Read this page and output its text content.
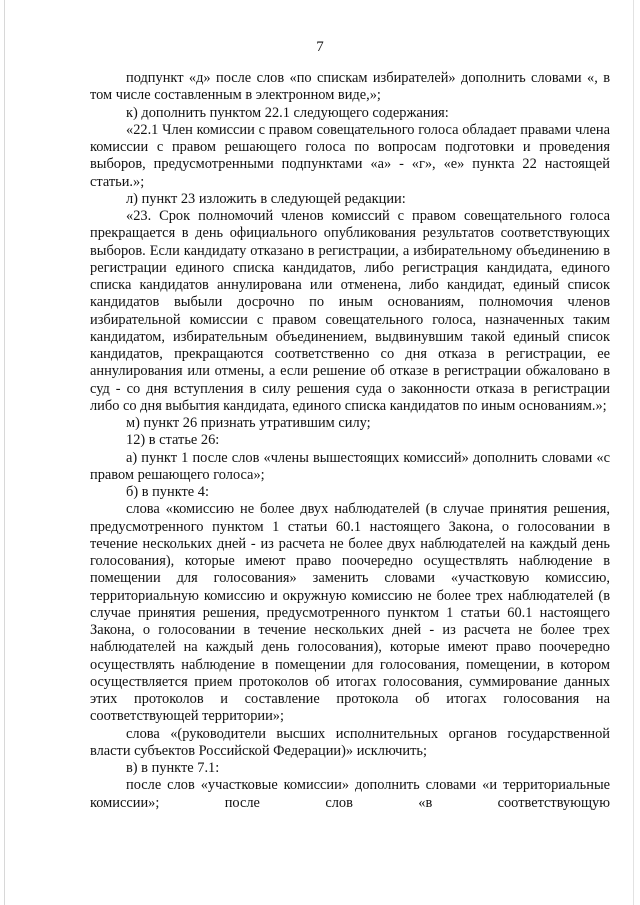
7

подпункт «д» после слов «по спискам избирателей» дополнить словами «, в том числе составленным в электронном виде,»;

к) дополнить пунктом 22.1 следующего содержания:

«22.1 Член комиссии с правом совещательного голоса обладает правами члена комиссии с правом решающего голоса по вопросам подготовки и проведения выборов, предусмотренными подпунктами «а» - «г», «е» пункта 22 настоящей статьи.»;

л) пункт 23 изложить в следующей редакции:

«23. Срок полномочий членов комиссий с правом совещательного голоса прекращается в день официального опубликования результатов соответствующих выборов. Если кандидату отказано в регистрации, а избирательному объединению в регистрации единого списка кандидатов, либо регистрация кандидата, единого списка кандидатов аннулирована или отменена, либо кандидат, единый список кандидатов выбыли досрочно по иным основаниям, полномочия членов избирательной комиссии с правом совещательного голоса, назначенных таким кандидатом, избирательным объединением, выдвинувшим такой единый список кандидатов, прекращаются соответственно со дня отказа в регистрации, ее аннулирования или отмены, а если решение об отказе в регистрации обжаловано в суд - со дня вступления в силу решения суда о законности отказа в регистрации либо со дня выбытия кандидата, единого списка кандидатов по иным основаниям.»;

м) пункт 26 признать утратившим силу;

12) в статье 26:

а) пункт 1 после слов «члены вышестоящих комиссий» дополнить словами «с правом решающего голоса»;

б) в пункте 4:

слова «комиссию не более двух наблюдателей (в случае принятия решения, предусмотренного пунктом 1 статьи 60.1 настоящего Закона, о голосовании в течение нескольких дней - из расчета не более двух наблюдателей на каждый день голосования), которые имеют право поочередно осуществлять наблюдение в помещении для голосования» заменить словами «участковую комиссию, территориальную комиссию и окружную комиссию не более трех наблюдателей (в случае принятия решения, предусмотренного пунктом 1 статьи 60.1 настоящего Закона, о голосовании в течение нескольких дней - из расчета не более трех наблюдателей на каждый день голосования), которые имеют право поочередно осуществлять наблюдение в помещении для голосования, помещении, в котором осуществляется прием протоколов об итогах голосования, суммирование данных этих протоколов и составление протокола об итогах голосования на соответствующей территории»;

слова «(руководители высших исполнительных органов государственной власти субъектов Российской Федерации)» исключить;

в) в пункте 7.1:

после слов «участковые комиссии» дополнить словами «и территориальные комиссии»; после слов «в соответствующую
